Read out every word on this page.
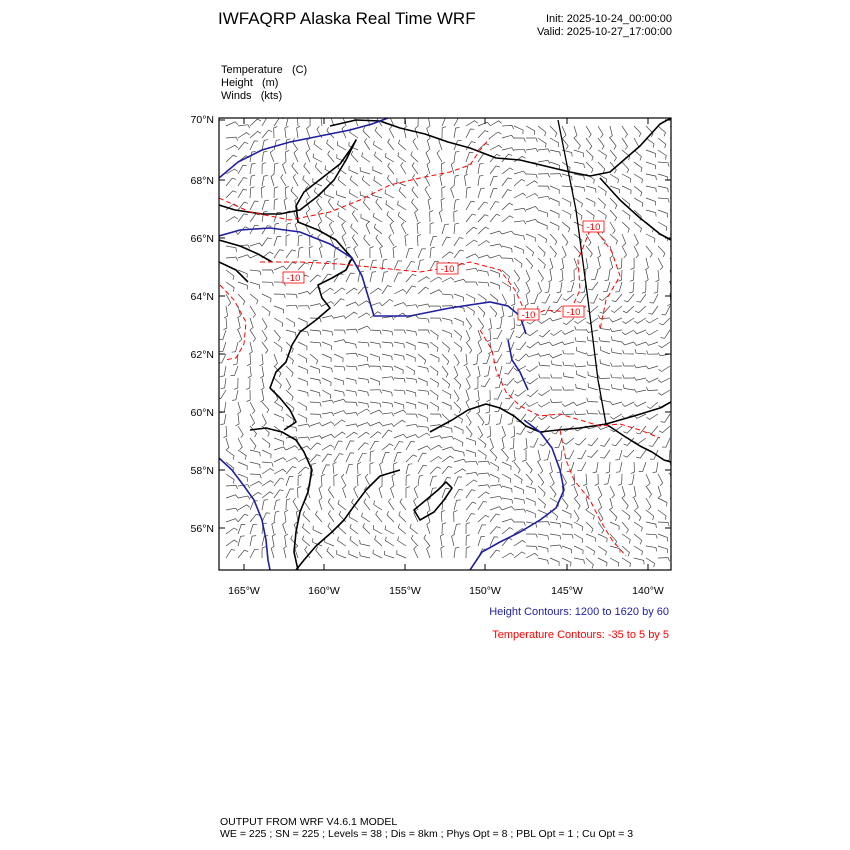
IWFAQRP Alaska Real Time WRF	Init: 2025-10-24_00:00:00
Valid: 2025-10-27_17:00:00
Temperature (C)
Height (m)
Winds (kts)
-10
-10
-10	-10
-10
70°N
68°N
66°N
64°N
62°N
60°N
58°N
56°N
165°W	160°W	155°W	150°W	145°W	140°W
Height Contours: 1200 to 1620 by 60
Temperature Contours: -35 to 5 by 5
OUTPUT FROM WRF V4.6.1 MODEL
WE = 225 ; SN = 225 ; Levels = 38 ; Dis = 8km ; Phys Opt = 8 ; PBL Opt = 1 ; Cu Opt = 3
